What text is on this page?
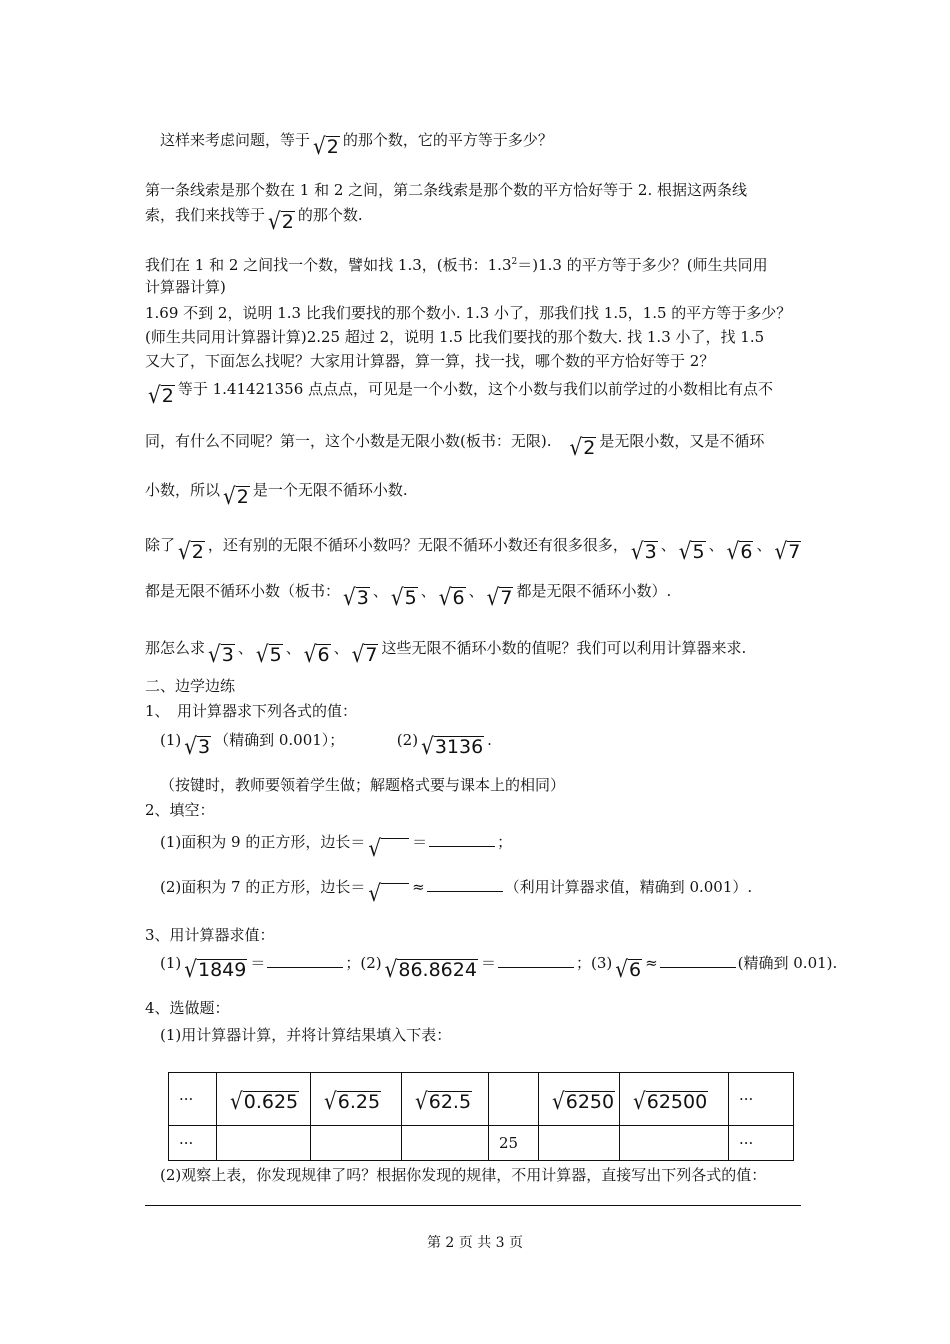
这样来考虑问题，等于 √ 2 的那个数，它的平方等于多少？
第一条线索是那个数在 1 和 2 之间，第二条线索是那个数的平方恰好等于 2. 根据这两条线
索，我们来找等于 √ 2 的那个数.
我们在 1 和 2 之间找一个数，譬如找 1.3，(板书：$1.3^2=)1.3$ 的平方等于多少？(师生共同用
计算器计算)
1.69 不到 2，说明 1.3 比我们要找的那个数小. 1.3 小了，那我们找 1.5，1.5 的平方等于多少？
(师生共同用计算器计算)2.25 超过 2，说明 1.5 比我们要找的那个数大. 找 1.3 小了，找 1.5
又大了，下面怎么找呢？大家用计算器，算一算，找一找，哪个数的平方恰好等于 2？
√ 2 等于 1.41421356 点点点，可见是一个小数，这个小数与我们以前学过的小数相比有点不
同，有什么不同呢？第一，这个小数是无限小数(板书：无限).　 √ 2 是无限小数，又是不循环
小数，所以 √ 2 是一个无限不循环小数.
除了 √ 2 ，还有别的无限不循环小数吗？无限不循环小数还有很多很多， √ 3 、 √ 5 、 √ 6 、 √ 7
都是无限不循环小数（板书： √ 3 、 √ 5 、 √ 6 、 √ 7 都是无限不循环小数）.
那怎么求 √ 3 、 √ 5 、 √ 6 、 √ 7 这些无限不循环小数的值呢？我们可以利用计算器来求.
二、边学边练
1、　用计算器求下列各式的值：
(1) √ 3 （精确到 0.001）；　　　　(2) √ 3136 .
（按键时，教师要领着学生做；解题格式要与课本上的相同）
2、填空：
(1)面积为 9 的正方形，边长＝ √ ＝	；
(2)面积为 7 的正方形，边长＝ √ ≈	（利用计算器求值，精确到 0.001）.
3、用计算器求值：
(1) √ 1849 ＝	；(2) √ 86.8624 ＝	；(3) √ 6 ≈	(精确到 0.01).
4、选做题：
(1)用计算器计算，并将计算结果填入下表：
(2)观察上表，你发现规律了吗？根据你发现的规律，不用计算器，直接写出下列各式的值：
···	√ 0.625	√ 6.25	√ 62.5		√ 6250	√ 62500	···
···				25			···
第 2 页 共 3 页
